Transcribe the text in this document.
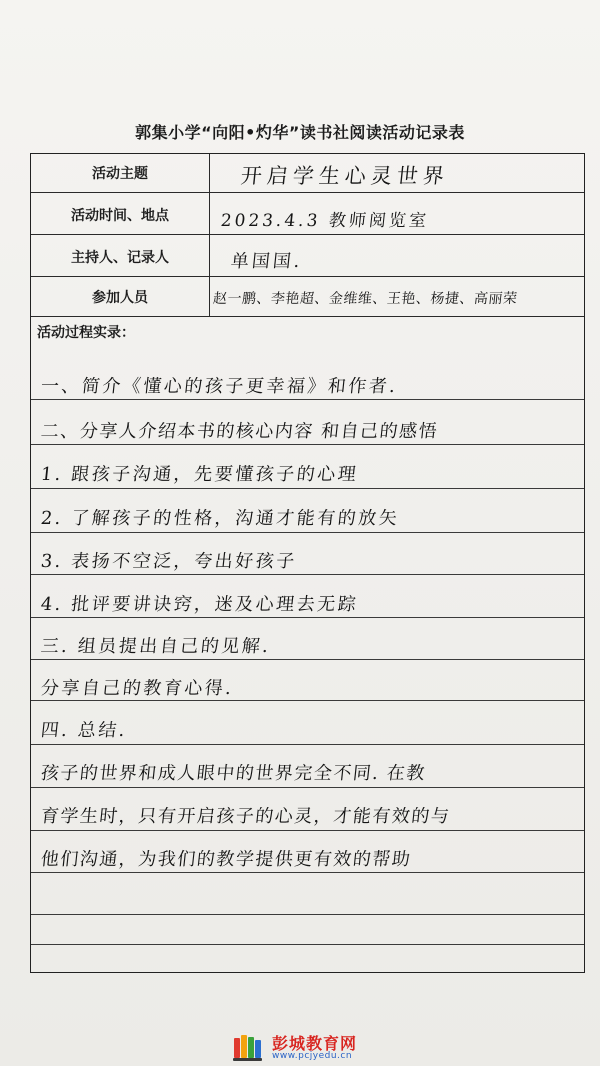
郭集小学“向阳•灼华”读书社阅读活动记录表
活动主题
活动时间、地点
主持人、记录人
参加人员
开启学生心灵世界
2023.4.3 教师阅览室
单国国.
赵一鹏、李艳超、金维维、王艳、杨捷、高丽荣
活动过程实录：
一、简介《懂心的孩子更幸福》和作者.
二、分享人介绍本书的核心内容 和自己的感悟
1. 跟孩子沟通，先要懂孩子的心理
2. 了解孩子的性格，沟通才能有的放矢
3. 表扬不空泛，夸出好孩子
4. 批评要讲诀窍，迷及心理去无踪
三. 组员提出自己的见解.
分享自己的教育心得.
四. 总结.
孩子的世界和成人眼中的世界完全不同. 在教
育学生时，只有开启孩子的心灵，才能有效的与
他们沟通，为我们的教学提供更有效的帮助
彭城教育网
www.pcjyedu.cn
